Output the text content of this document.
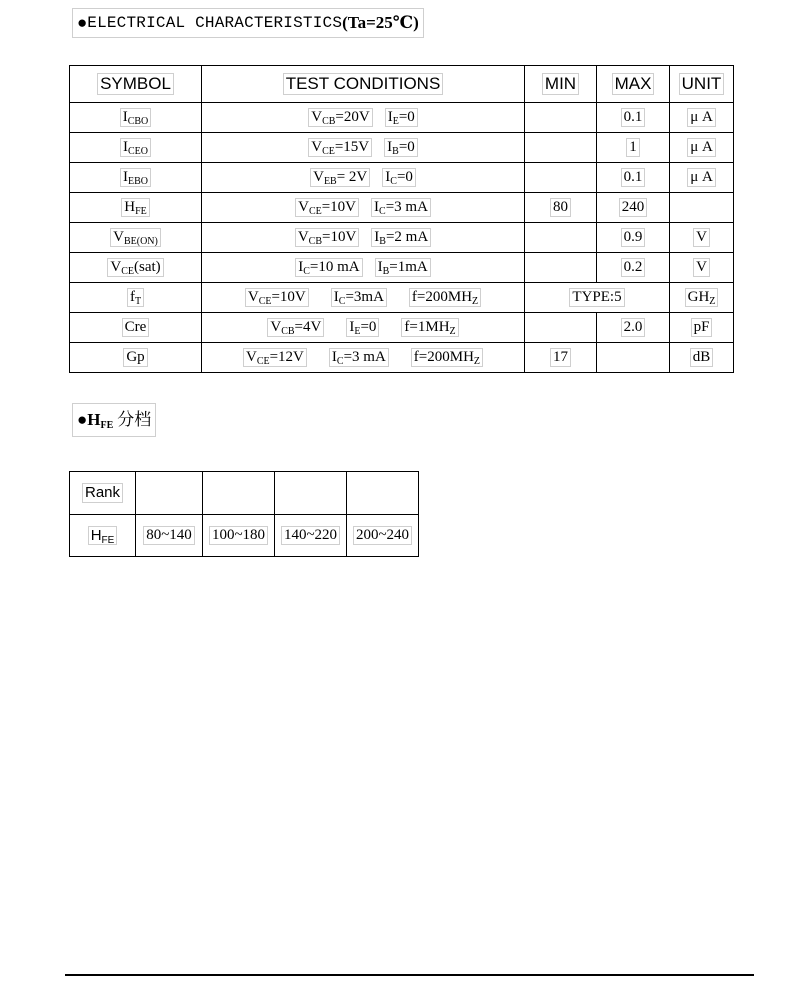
● ELECTRICAL CHARACTERISTICS (Ta=25℃)
SYMBOL	TEST CONDITIONS	MIN	MAX	UNIT
$I_{CBO}$	$V_{CB}=20V$ $I_E=0$		0.1	μ A
$I_{CEO}$	$V_{CE}=15V$ $I_B=0$		1	μ A
$I_{EBO}$	$V_{EB}= 2V$ $I_C=0$		0.1	μ A
$H_{FE}$	$V_{CE}=10V$ $I_C=3$ mA	80	240	
$V_{BE(ON)}$	$V_{CB}=10V$ $I_B=2$ mA		0.9	V
$V_{CE}(sat)$	$I_C=10$ mA $I_B=1mA$		0.2	V
$f_T$	$V_{CE}=10V$ $I_C=3mA$ $f=200MH_Z$	TYPE:5		$GH_Z$
Cre	$V_{CB}=4V$ $I_E=0$ $f=1MH_Z$		2.0	pF
Gp	$V_{CE}=12V$ $I_C=3$ mA $f=200MH_Z$	17		dB
● $H_{FE}$ 分档
Rank				
$H_{FE}$	80~140	100~180	140~220	200~240
